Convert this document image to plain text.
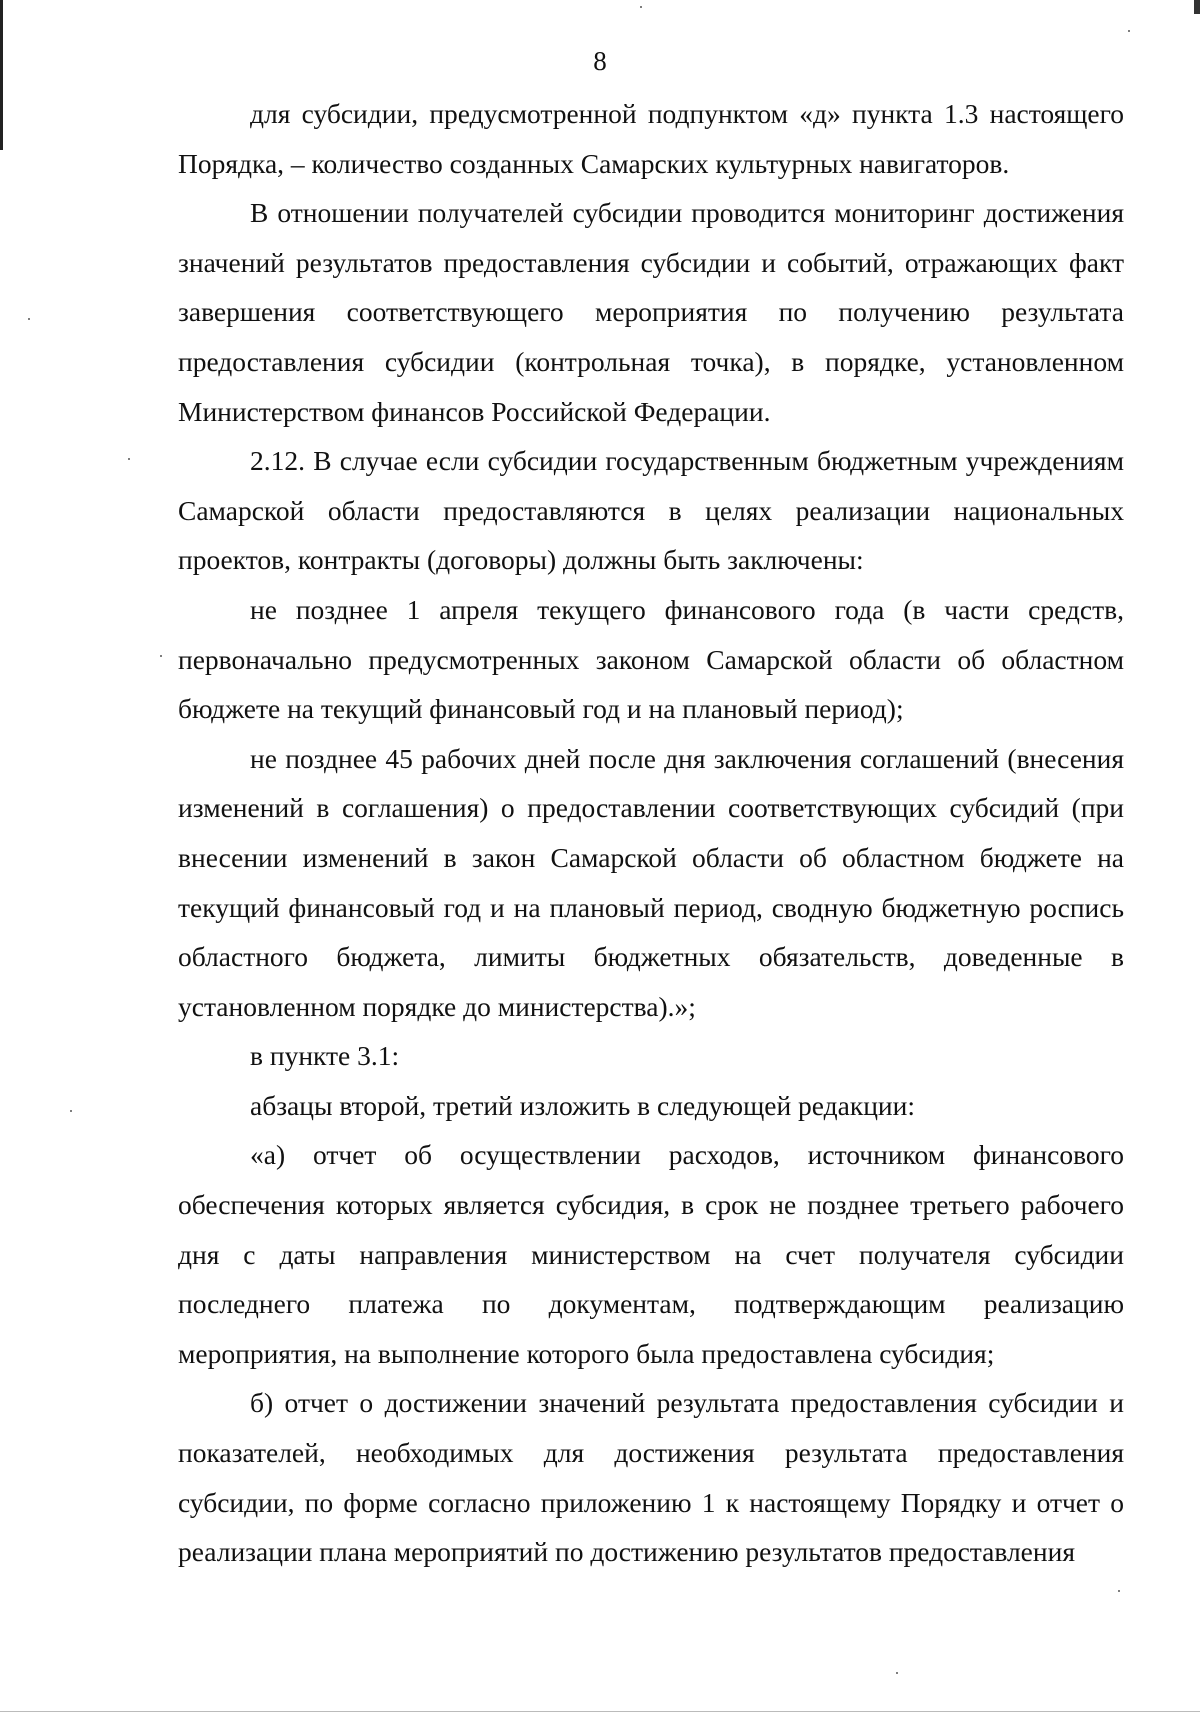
8

для субсидии, предусмотренной подпунктом «д» пункта 1.3 настоящего Порядка, – количество созданных Самарских культурных навигаторов.

В отношении получателей субсидии проводится мониторинг достижения значений результатов предоставления субсидии и событий, отражающих факт завершения соответствующего мероприятия по получению результата предоставления субсидии (контрольная точка), в порядке, установленном Министерством финансов Российской Федерации.

2.12. В случае если субсидии государственным бюджетным учреждениям Самарской области предоставляются в целях реализации национальных проектов, контракты (договоры) должны быть заключены:

не позднее 1 апреля текущего финансового года (в части средств, первоначально предусмотренных законом Самарской области об областном бюджете на текущий финансовый год и на плановый период);

не позднее 45 рабочих дней после дня заключения соглашений (внесения изменений в соглашения) о предоставлении соответствующих субсидий (при внесении изменений в закон Самарской области об областном бюджете на текущий финансовый год и на плановый период, сводную бюджетную роспись областного бюджета, лимиты бюджетных обязательств, доведенные в установленном порядке до министерства).»;

в пункте 3.1:

абзацы второй, третий изложить в следующей редакции:

«а) отчет об осуществлении расходов, источником финансового обеспечения которых является субсидия, в срок не позднее третьего рабочего дня с даты направления министерством на счет получателя субсидии последнего платежа по документам, подтверждающим реализацию мероприятия, на выполнение которого была предоставлена субсидия;

б) отчет о достижении значений результата предоставления субсидии и показателей, необходимых для достижения результата предоставления субсидии, по форме согласно приложению 1 к настоящему Порядку и отчет о реализации плана мероприятий по достижению результатов предоставления
